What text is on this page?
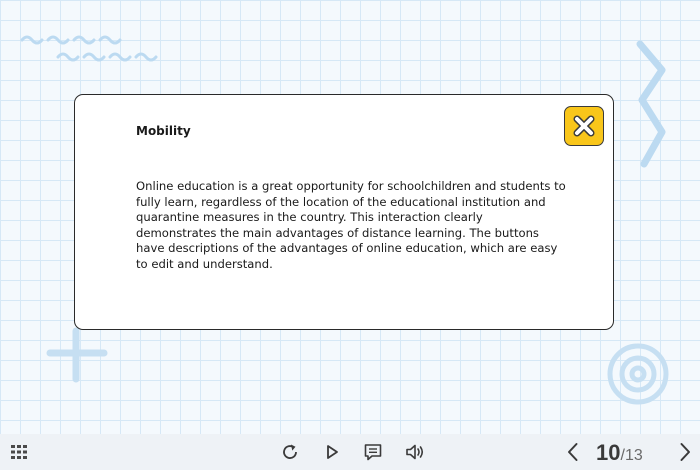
Mobility
Online education is a great opportunity for schoolchildren and students to fully learn, regardless of the location of the educational institution and quarantine measures in the country. This interaction clearly demonstrates the main advantages of distance learning. The buttons have descriptions of the advantages of online education, which are easy to edit and understand.
10 / 13
